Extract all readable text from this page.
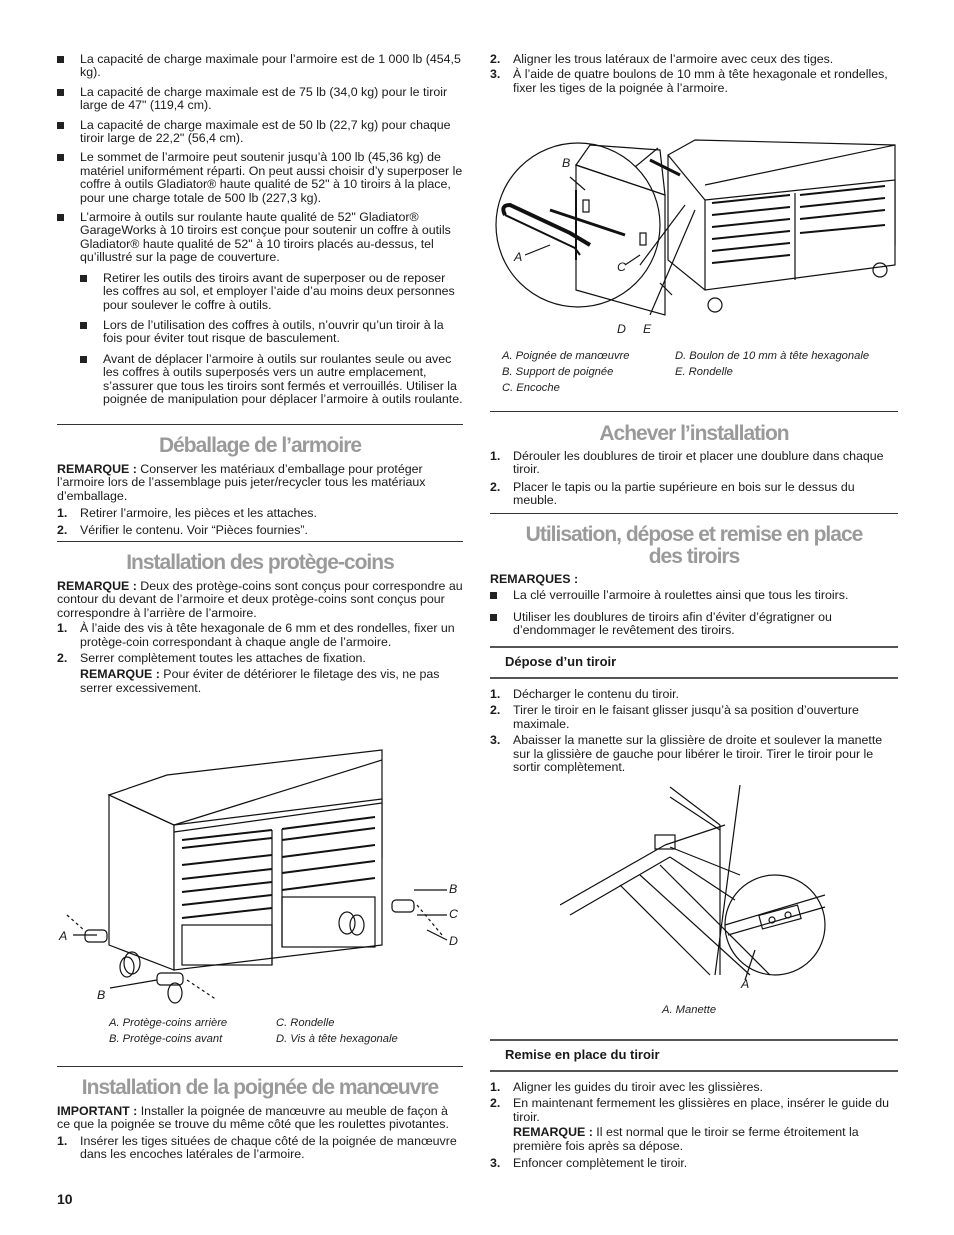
La capacité de charge maximale pour l’armoire est de 1 000 lb (454,5 kg).

La capacité de charge maximale est de 75 lb (34,0 kg) pour le tiroir large de 47" (119,4 cm).

La capacité de charge maximale est de 50 lb (22,7 kg) pour chaque tiroir large de 22,2" (56,4 cm).

Le sommet de l’armoire peut soutenir jusqu’à 100 lb (45,36 kg) de matériel uniformément réparti. On peut aussi choisir d’y superposer le coffre à outils Gladiator® haute qualité de 52" à 10 tiroirs à la place, pour une charge totale de 500 lb (227,3 kg).

L’armoire à outils sur roulante haute qualité de 52" Gladiator® GarageWorks à 10 tiroirs est conçue pour soutenir un coffre à outils Gladiator® haute qualité de 52" à 10 tiroirs placés au-dessus, tel qu’illustré sur la page de couverture.

Retirer les outils des tiroirs avant de superposer ou de reposer les coffres au sol, et employer l’aide d’au moins deux personnes pour soulever le coffre à outils.

Lors de l’utilisation des coffres à outils, n’ouvrir qu’un tiroir à la fois pour éviter tout risque de basculement.

Avant de déplacer l’armoire à outils sur roulantes seule ou avec les coffres à outils superposés vers un autre emplacement, s’assurer que tous les tiroirs sont fermés et verrouillés. Utiliser la poignée de manipulation pour déplacer l’armoire à outils roulante.

Déballage de l’armoire

REMARQUE : Conserver les matériaux d’emballage pour protéger l’armoire lors de l’assemblage puis jeter/recycler tous les matériaux d’emballage.

1. Retirer l’armoire, les pièces et les attaches.

2. Vérifier le contenu. Voir “Pièces fournies”.

Installation des protège-coins

REMARQUE : Deux des protège-coins sont conçus pour correspondre au contour du devant de l’armoire et deux protège-coins sont conçus pour correspondre à l’arrière de l’armoire.

1. À l’aide des vis à tête hexagonale de 6 mm et des rondelles, fixer un protège-coin correspondant à chaque angle de l’armoire.

2. Serrer complètement toutes les attaches de fixation.

REMARQUE : Pour éviter de détériorer le filetage des vis, ne pas serrer excessivement.

A
B
B
C
D
A. Protège-coins arrière
B. Protège-coins avant
C. Rondelle
D. Vis à tête hexagonale
Installation de la poignée de manœuvre

IMPORTANT : Installer la poignée de manœuvre au meuble de façon à ce que la poignée se trouve du même côté que les roulettes pivotantes.

1. Insérer les tiges situées de chaque côté de la poignée de manœuvre dans les encoches latérales de l’armoire.

10

2. Aligner les trous latéraux de l’armoire avec ceux des tiges.

3. À l’aide de quatre boulons de 10 mm à tête hexagonale et rondelles, fixer les tiges de la poignée à l’armoire.

B
A
C
D E
A. Poignée de manœuvre
B. Support de poignée
C. Encoche
D. Boulon de 10 mm à tête hexagonale
E. Rondelle
Achever l’installation

1. Dérouler les doublures de tiroir et placer une doublure dans chaque tiroir.

2. Placer le tapis ou la partie supérieure en bois sur le dessus du meuble.

Utilisation, dépose et remise en place
des tiroirs

REMARQUES :

La clé verrouille l’armoire à roulettes ainsi que tous les tiroirs.

Utiliser les doublures de tiroirs afin d’éviter d’égratigner ou d’endommager le revêtement des tiroirs.

Dépose d’un tiroir

1. Décharger le contenu du tiroir.

2. Tirer le tiroir en le faisant glisser jusqu’à sa position d’ouverture maximale.

3. Abaisser la manette sur la glissière de droite et soulever la manette sur la glissière de gauche pour libérer le tiroir. Tirer le tiroir pour le sortir complètement.

A
A. Manette
Remise en place du tiroir

1. Aligner les guides du tiroir avec les glissières.

2. En maintenant fermement les glissières en place, insérer le guide du tiroir.

REMARQUE : Il est normal que le tiroir se ferme étroitement la première fois après sa dépose.

3. Enfoncer complètement le tiroir.
